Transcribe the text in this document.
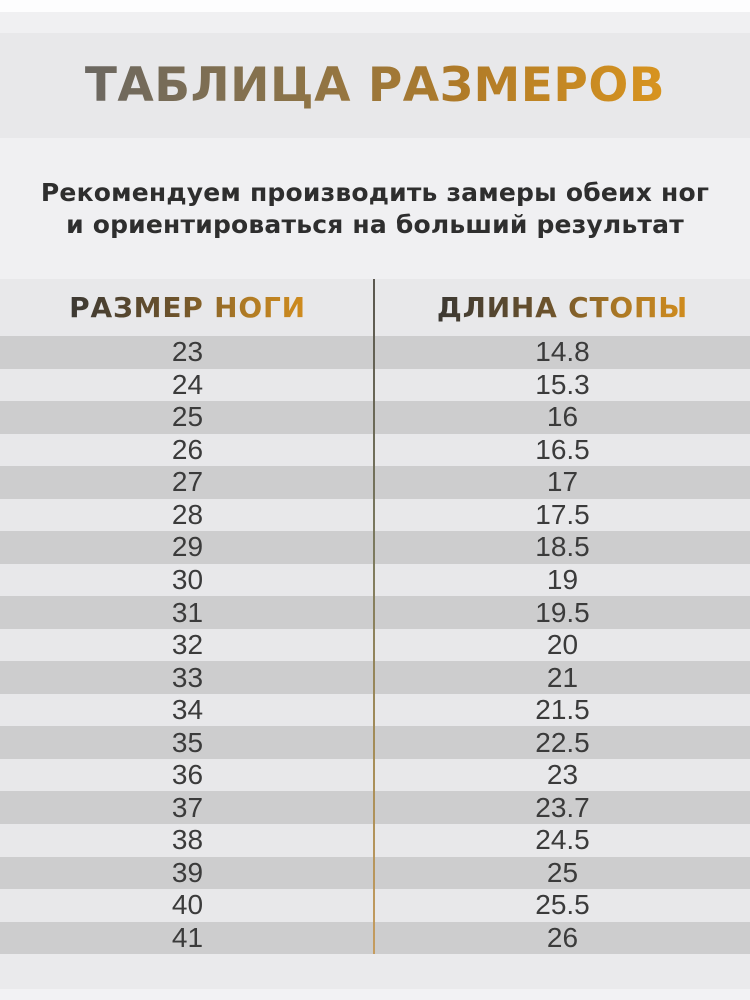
ТАБЛИЦА РАЗМЕРОВ
Рекомендуем производить замеры обеих ног
и ориентироваться на больший результат
РАЗМЕР НОГИ	ДЛИНА СТОПЫ
23	14.8
24	15.3
25	16
26	16.5
27	17
28	17.5
29	18.5
30	19
31	19.5
32	20
33	21
34	21.5
35	22.5
36	23
37	23.7
38	24.5
39	25
40	25.5
41	26
